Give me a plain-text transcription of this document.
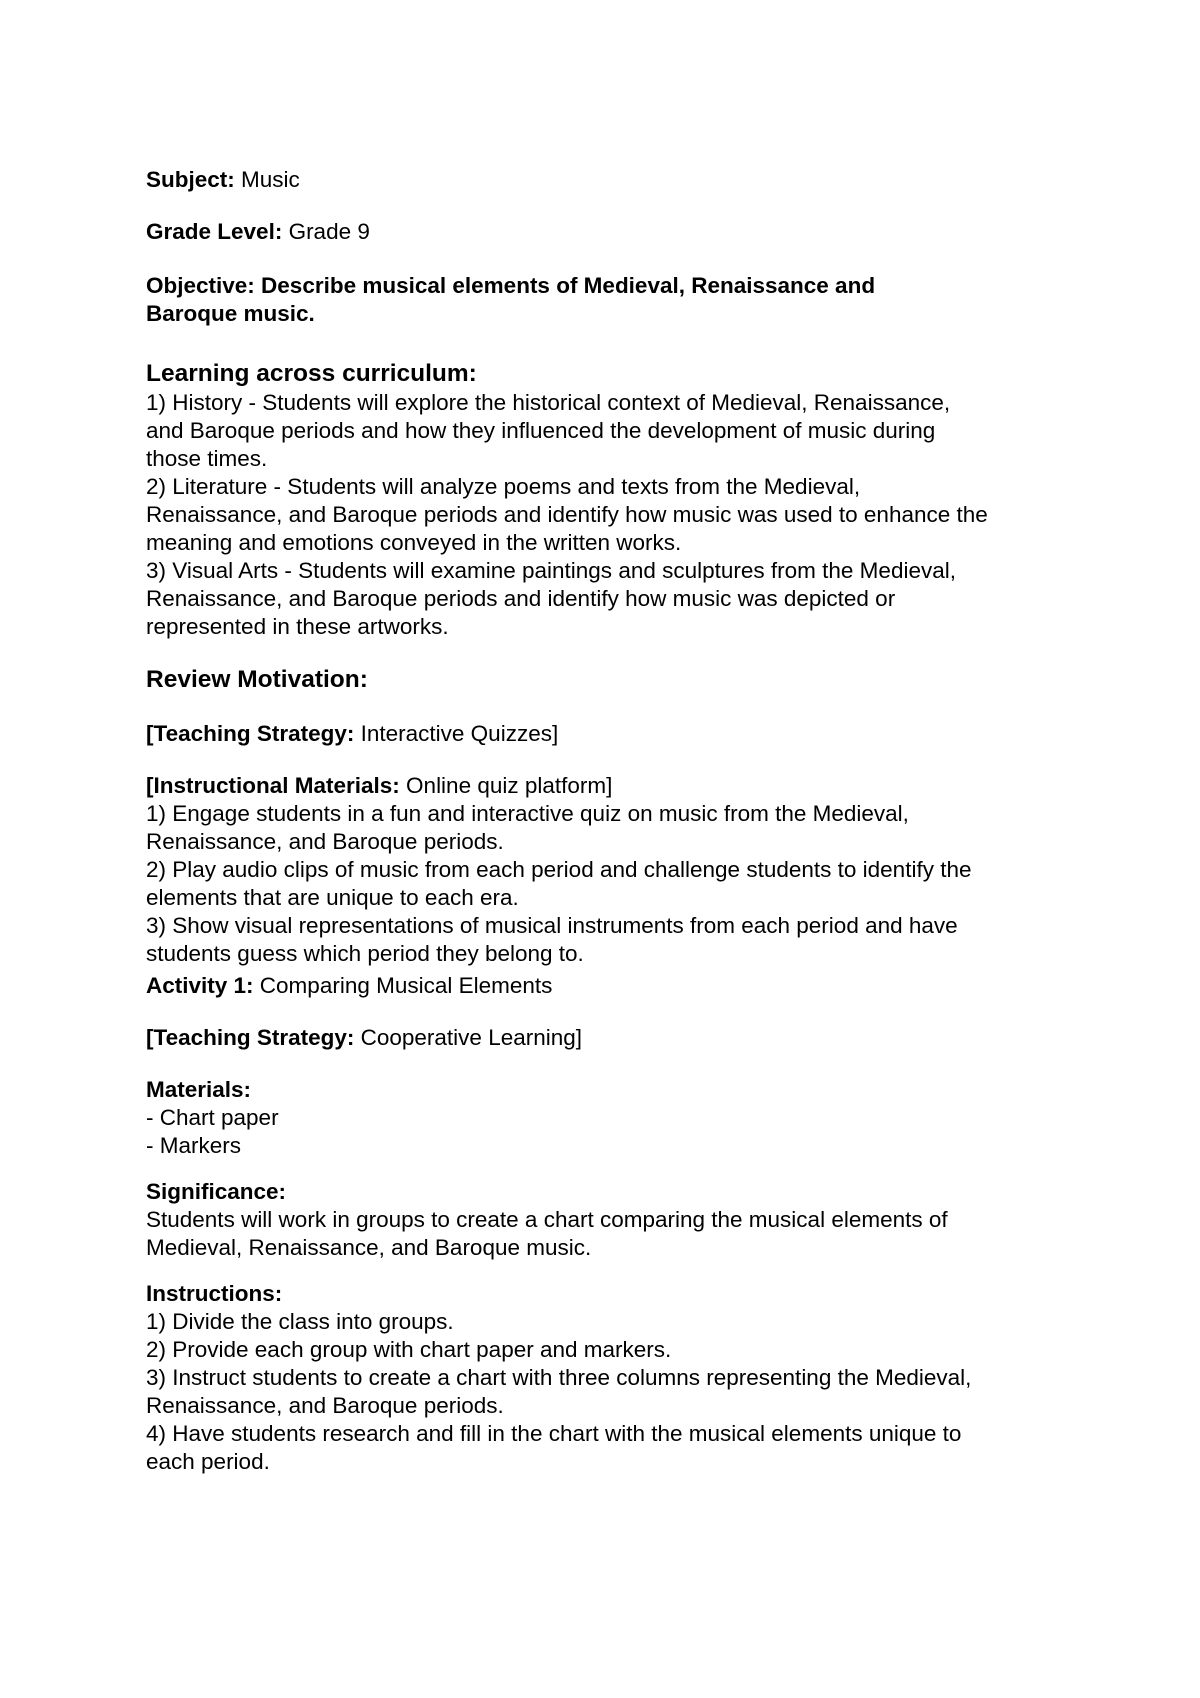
Subject: Music
Grade Level: Grade 9
Objective: Describe musical elements of Medieval, Renaissance and
Baroque music.
Learning across curriculum:
1) History - Students will explore the historical context of Medieval, Renaissance,
and Baroque periods and how they influenced the development of music during
those times.
2) Literature - Students will analyze poems and texts from the Medieval,
Renaissance, and Baroque periods and identify how music was used to enhance the
meaning and emotions conveyed in the written works.
3) Visual Arts - Students will examine paintings and sculptures from the Medieval,
Renaissance, and Baroque periods and identify how music was depicted or
represented in these artworks.
Review Motivation:
[Teaching Strategy: Interactive Quizzes]
[Instructional Materials: Online quiz platform]
1) Engage students in a fun and interactive quiz on music from the Medieval,
Renaissance, and Baroque periods.
2) Play audio clips of music from each period and challenge students to identify the
elements that are unique to each era.
3) Show visual representations of musical instruments from each period and have
students guess which period they belong to.
Activity 1: Comparing Musical Elements
[Teaching Strategy: Cooperative Learning]
Materials:
- Chart paper
- Markers
Significance:
Students will work in groups to create a chart comparing the musical elements of
Medieval, Renaissance, and Baroque music.
Instructions:
1) Divide the class into groups.
2) Provide each group with chart paper and markers.
3) Instruct students to create a chart with three columns representing the Medieval,
Renaissance, and Baroque periods.
4) Have students research and fill in the chart with the musical elements unique to
each period.
